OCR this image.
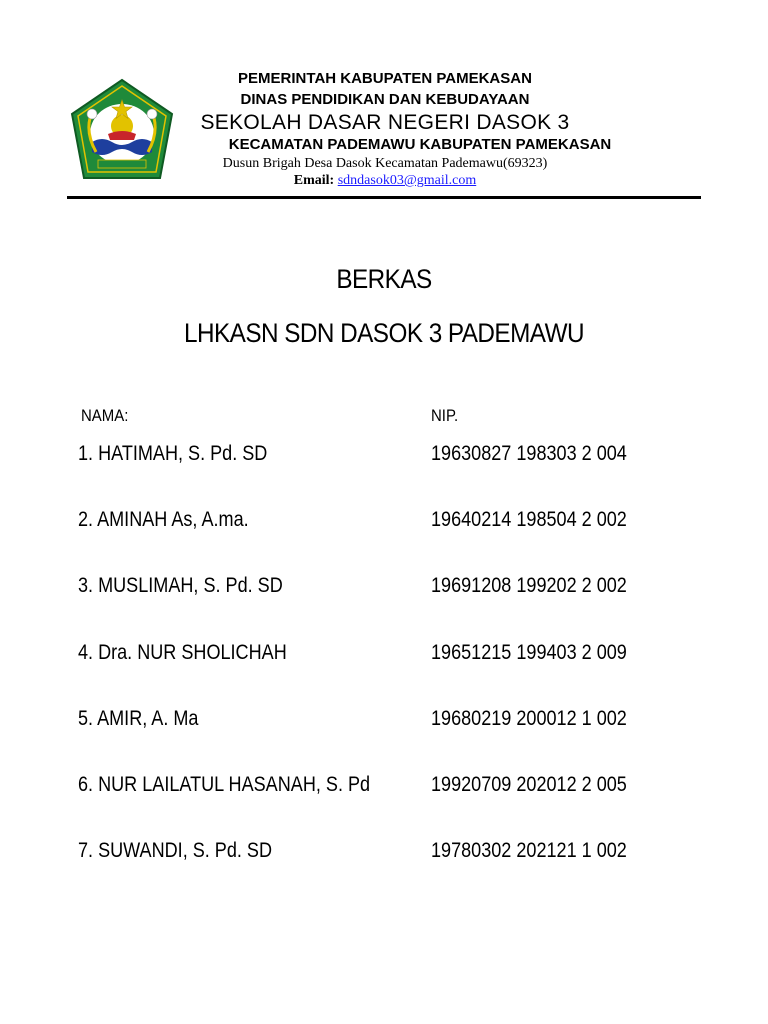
PEMERINTAH KABUPATEN PAMEKASAN
DINAS PENDIDIKAN DAN KEBUDAYAAN
SEKOLAH DASAR NEGERI DASOK 3
KECAMATAN PADEMAWU KABUPATEN PAMEKASAN
Dusun Brigah Desa Dasok Kecamatan Pademawu(69323)
Email: sdndasok03@gmail.com
BERKAS
LHKASN SDN DASOK 3 PADEMAWU
NAMA:	NIP.
1. HATIMAH, S. Pd. SD	19630827 198303 2 004
2. AMINAH As, A.ma.	19640214 198504 2 002
3. MUSLIMAH, S. Pd. SD	19691208 199202 2 002
4. Dra. NUR SHOLICHAH	19651215 199403 2 009
5. AMIR, A. Ma	19680219 200012 1 002
6. NUR LAILATUL HASANAH, S. Pd	19920709 202012 2 005
7. SUWANDI, S. Pd. SD	19780302 202121 1 002
